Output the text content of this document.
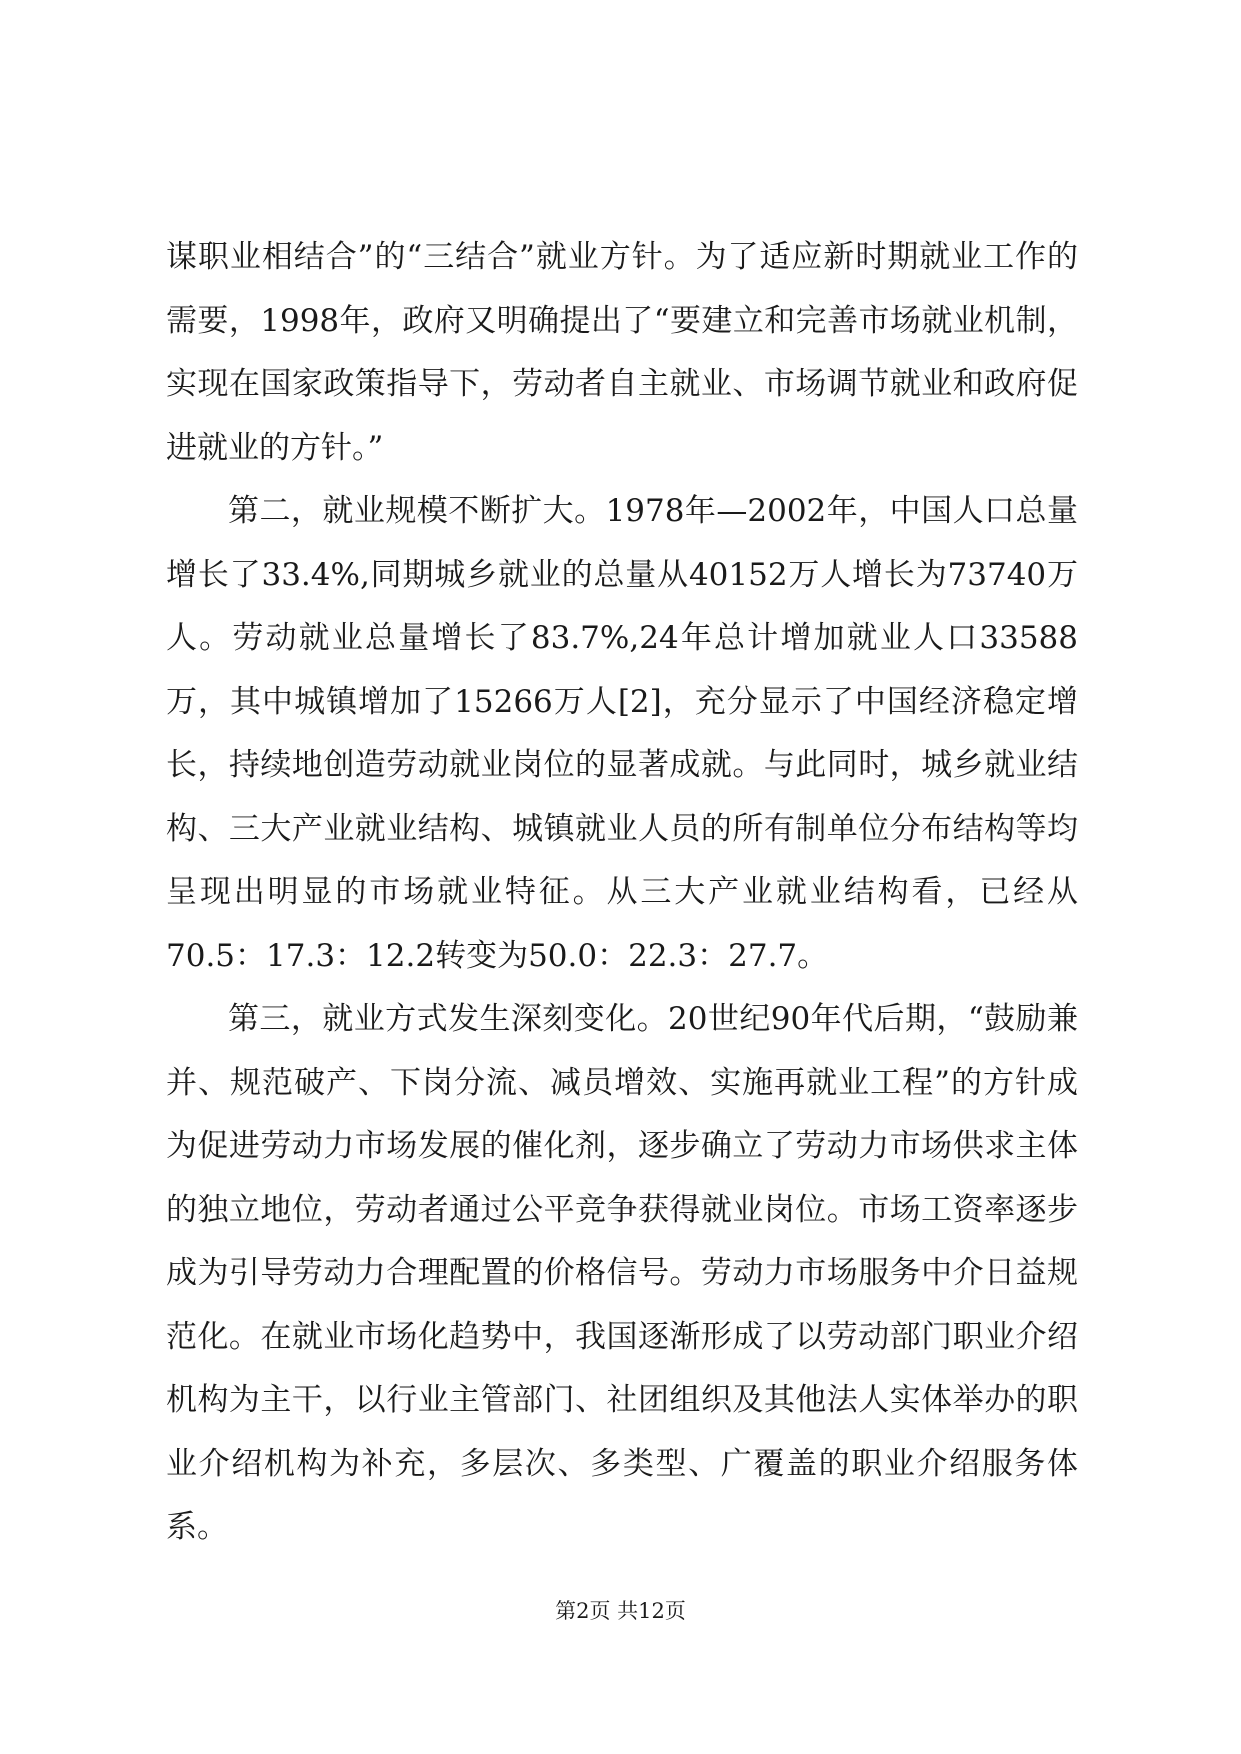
谋职业相结合”的“三结合”就业方针。为了适应新时期就业工作的需要，1998年，政府又明确提出了“要建立和完善市场就业机制，实现在国家政策指导下，劳动者自主就业、市场调节就业和政府促进就业的方针。”

第二，就业规模不断扩大。1978年—2002年，中国人口总量增长了33.4%,同期城乡就业的总量从40152万人增长为73740万人。劳动就业总量增长了83.7%,24年总计增加就业人口33588万，其中城镇增加了15266万人[2]，充分显示了中国经济稳定增长，持续地创造劳动就业岗位的显著成就。与此同时，城乡就业结构、三大产业就业结构、城镇就业人员的所有制单位分布结构等均呈现出明显的市场就业特征。从三大产业就业结构看，已经从70.5：17.3：12.2转变为50.0：22.3：27.7。

第三，就业方式发生深刻变化。20世纪90年代后期，“鼓励兼并、规范破产、下岗分流、减员增效、实施再就业工程”的方针成为促进劳动力市场发展的催化剂，逐步确立了劳动力市场供求主体的独立地位，劳动者通过公平竞争获得就业岗位。市场工资率逐步成为引导劳动力合理配置的价格信号。劳动力市场服务中介日益规范化。在就业市场化趋势中，我国逐渐形成了以劳动部门职业介绍机构为主干，以行业主管部门、社团组织及其他法人实体举办的职业介绍机构为补充，多层次、多类型、广覆盖的职业介绍服务体系。

第2页 共12页
